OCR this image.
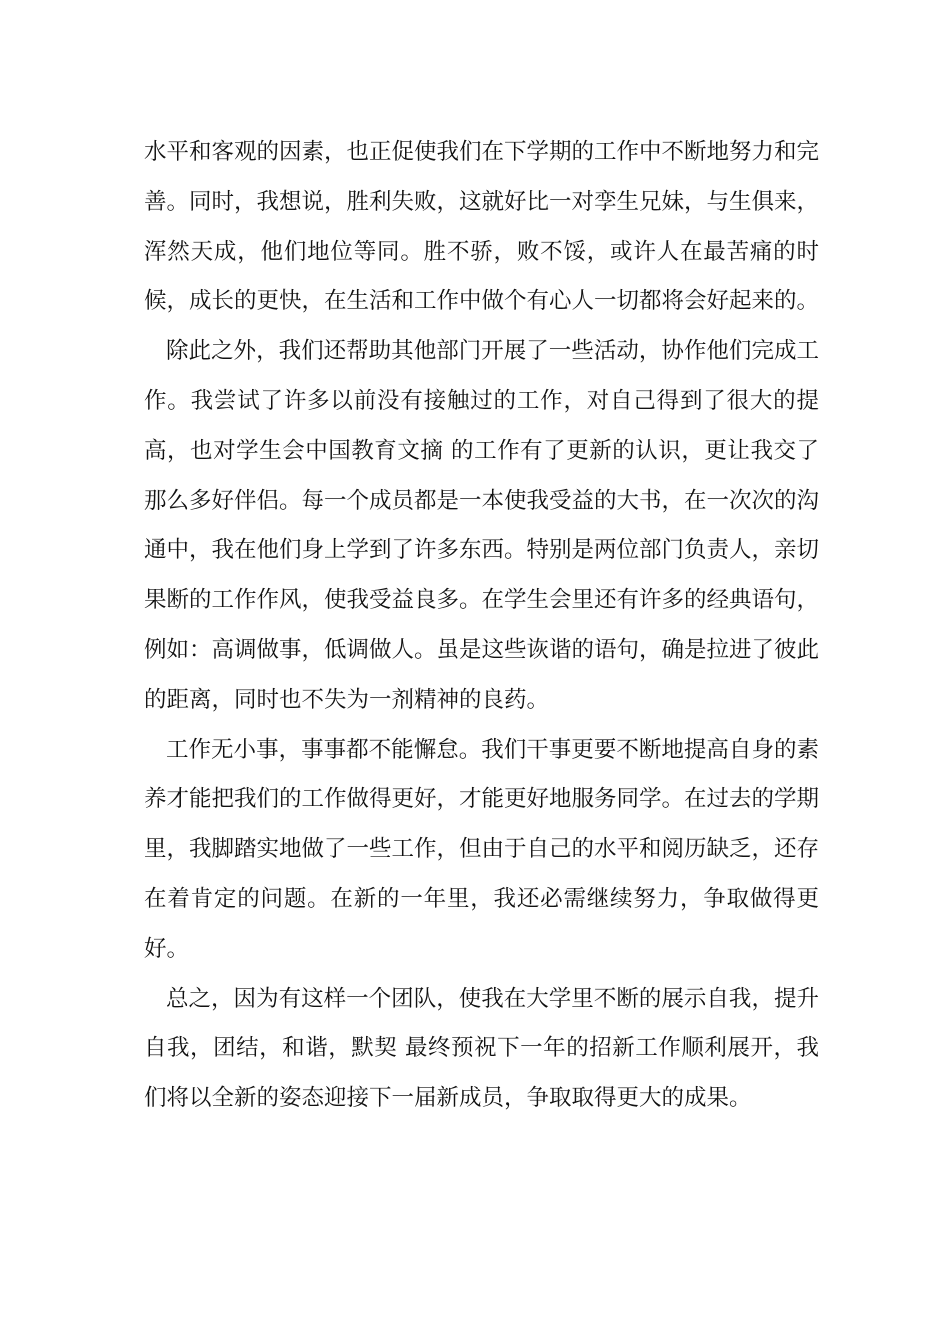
水平和客观的因素，也正促使我们在下学期的工作中不断地努力和完善。同时，我想说，胜利失败，这就好比一对孪生兄妹，与生俱来，浑然天成，他们地位等同。胜不骄，败不馁，或许人在最苦痛的时候，成长的更快，在生活和工作中做个有心人一切都将会好起来的。

除此之外，我们还帮助其他部门开展了一些活动，协作他们完成工作。我尝试了许多以前没有接触过的工作，对自己得到了很大的提高，也对学生会中国教育文摘 的工作有了更新的认识，更让我交了那么多好伴侣。每一个成员都是一本使我受益的大书，在一次次的沟通中，我在他们身上学到了许多东西。特别是两位部门负责人，亲切果断的工作作风，使我受益良多。在学生会里还有许多的经典语句，例如：高调做事，低调做人。虽是这些诙谐的语句，确是拉进了彼此的距离，同时也不失为一剂精神的良药。

工作无小事，事事都不能懈怠。我们干事更要不断地提高自身的素养才能把我们的工作做得更好，才能更好地服务同学。在过去的学期里，我脚踏实地做了一些工作，但由于自己的水平和阅历缺乏，还存在着肯定的问题。在新的一年里，我还必需继续努力，争取做得更好。

总之，因为有这样一个团队，使我在大学里不断的展示自我，提升自我，团结，和谐，默契 最终预祝下一年的招新工作顺利展开，我们将以全新的姿态迎接下一届新成员，争取取得更大的成果。
